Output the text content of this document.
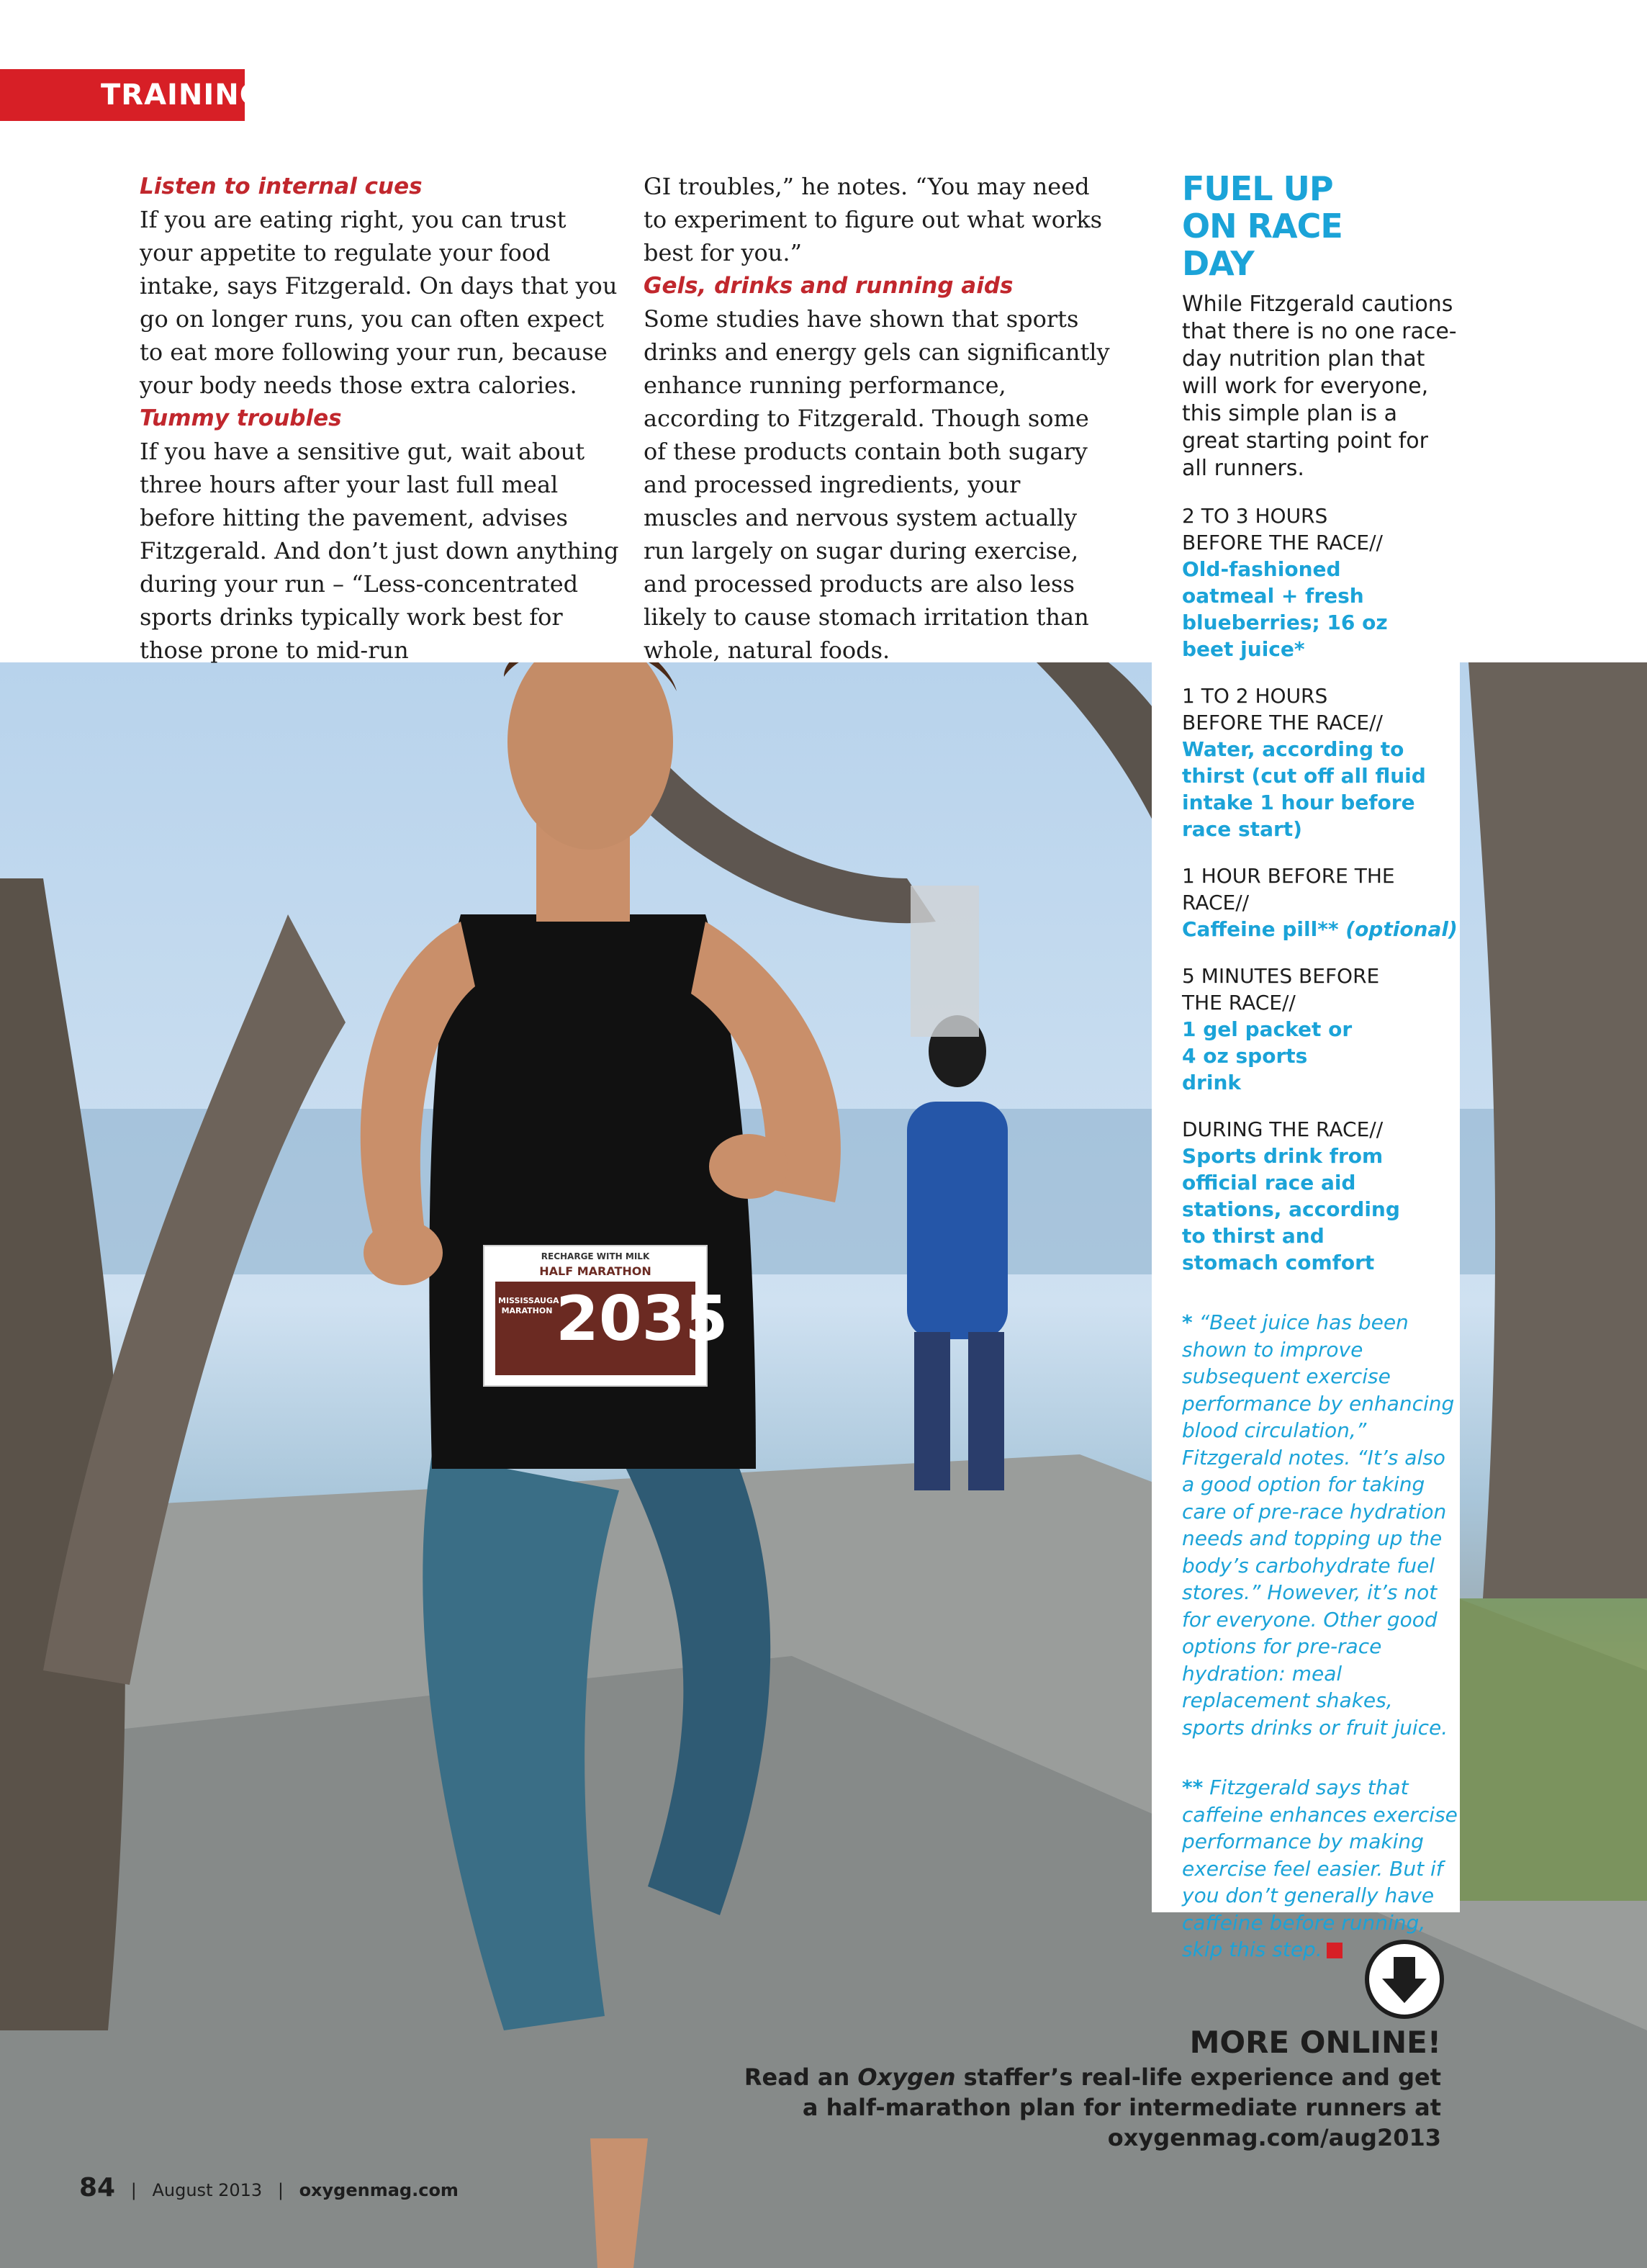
TRAINING
RECHARGE WITH MILK
HALF MARATHON
MISSISSAUGA MARATHON 2035

Listen to internal cues

If you are eating right, you can trust your appetite to regulate your food intake, says Fitzgerald. On days that you go on longer runs, you can often expect to eat more following your run, because your body needs those extra calories.

Tummy troubles

If you have a sensitive gut, wait about three hours after your last full meal before hitting the pavement, advises Fitzgerald. And don’t just down anything during your run – “Less-concentrated sports drinks typically work best for those prone to mid-run

GI troubles,” he notes. “You may need to experiment to figure out what works best for you.”

Gels, drinks and running aids

Some studies have shown that sports drinks and energy gels can significantly enhance running performance, according to Fitzgerald. Though some of these products contain both sugary and processed ingredients, your muscles and nervous system actually run largely on sugar during exercise, and processed products are also less likely to cause stomach irritation than whole, natural foods.

FUEL UP ON RACE DAY
While Fitzgerald cautions that there is no one race-day nutrition plan that will work for everyone, this simple plan is a great starting point for all runners.
2 TO 3 HOURS BEFORE THE RACE//
Old-fashioned oatmeal + fresh blueberries; 16 oz beet juice*
1 TO 2 HOURS BEFORE THE RACE//
Water, according to thirst (cut off all fluid intake 1 hour before race start)
1 HOUR BEFORE THE RACE//
Caffeine pill** (optional)
5 MINUTES BEFORE THE RACE//
1 gel packet or 4 oz sports drink
DURING THE RACE//
Sports drink from official race aid stations, according to thirst and stomach comfort
* “Beet juice has been shown to improve subsequent exercise performance by enhancing blood circulation,” Fitzgerald notes. “It’s also a good option for taking care of pre-race hydration needs and topping up the body’s carbohydrate fuel stores.” However, it’s not for everyone. Other good options for pre-race hydration: meal replacement shakes, sports drinks or fruit juice.
** Fitzgerald says that caffeine enhances exercise performance by making exercise feel easier. But if you don’t generally have caffeine before running, skip this step.
MORE ONLINE!
Read an Oxygen staffer’s real-life experience and get
a half-marathon plan for intermediate runners at
oxygenmag.com/aug2013
84 | August 2013 | oxygenmag.com
